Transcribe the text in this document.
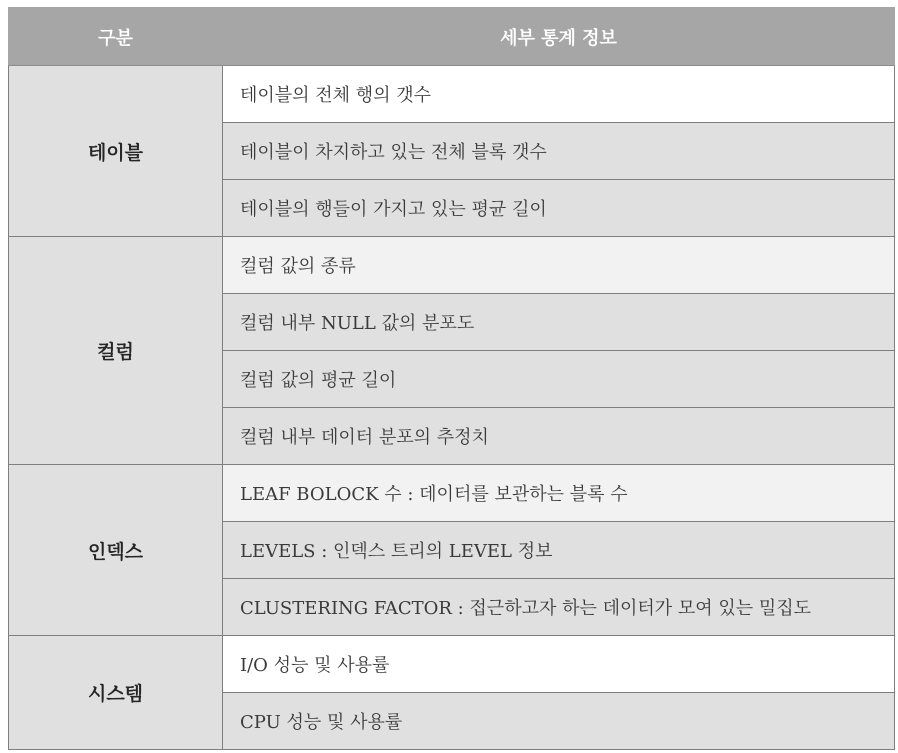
구분	세부 통계 정보
테이블	테이블의 전체 행의 갯수
	테이블이 차지하고 있는 전체 블록 갯수
	테이블의 행들이 가지고 있는 평균 길이
컬럼	컬럼 값의 종류
	컬럼 내부 NULL 값의 분포도
	컬럼 값의 평균 길이
	컬럼 내부 데이터 분포의 추정치
인덱스	LEAF BOLOCK 수 : 데이터를 보관하는 블록 수
	LEVELS : 인덱스 트리의 LEVEL 정보
	CLUSTERING FACTOR : 접근하고자 하는 데이터가 모여 있는 밀집도
시스템	I/O 성능 및 사용률
	CPU 성능 및 사용률
